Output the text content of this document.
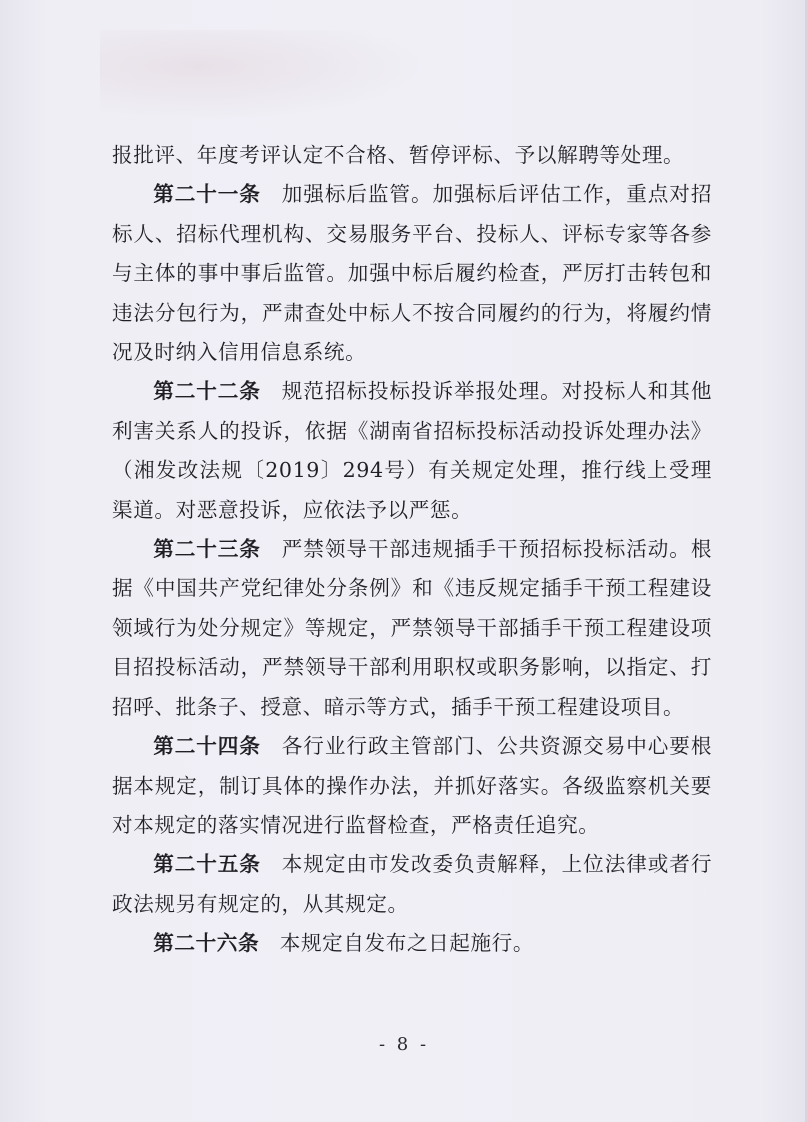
报批评、年度考评认定不合格、暂停评标、予以解聘等处理。

第二十一条 加强标后监管。加强标后评估工作，重点对招标人、招标代理机构、交易服务平台、投标人、评标专家等各参与主体的事中事后监管。加强中标后履约检查，严厉打击转包和违法分包行为，严肃查处中标人不按合同履约的行为，将履约情况及时纳入信用信息系统。

第二十二条 规范招标投标投诉举报处理。对投标人和其他利害关系人的投诉，依据《湖南省招标投标活动投诉处理办法》（湘发改法规〔2019〕294号）有关规定处理，推行线上受理渠道。对恶意投诉，应依法予以严惩。

第二十三条 严禁领导干部违规插手干预招标投标活动。根据《中国共产党纪律处分条例》和《违反规定插手干预工程建设领域行为处分规定》等规定，严禁领导干部插手干预工程建设项目招投标活动，严禁领导干部利用职权或职务影响，以指定、打招呼、批条子、授意、暗示等方式，插手干预工程建设项目。

第二十四条 各行业行政主管部门、公共资源交易中心要根据本规定，制订具体的操作办法，并抓好落实。各级监察机关要对本规定的落实情况进行监督检查，严格责任追究。

第二十五条 本规定由市发改委负责解释，上位法律或者行政法规另有规定的，从其规定。

第二十六条 本规定自发布之日起施行。

- 8 -
